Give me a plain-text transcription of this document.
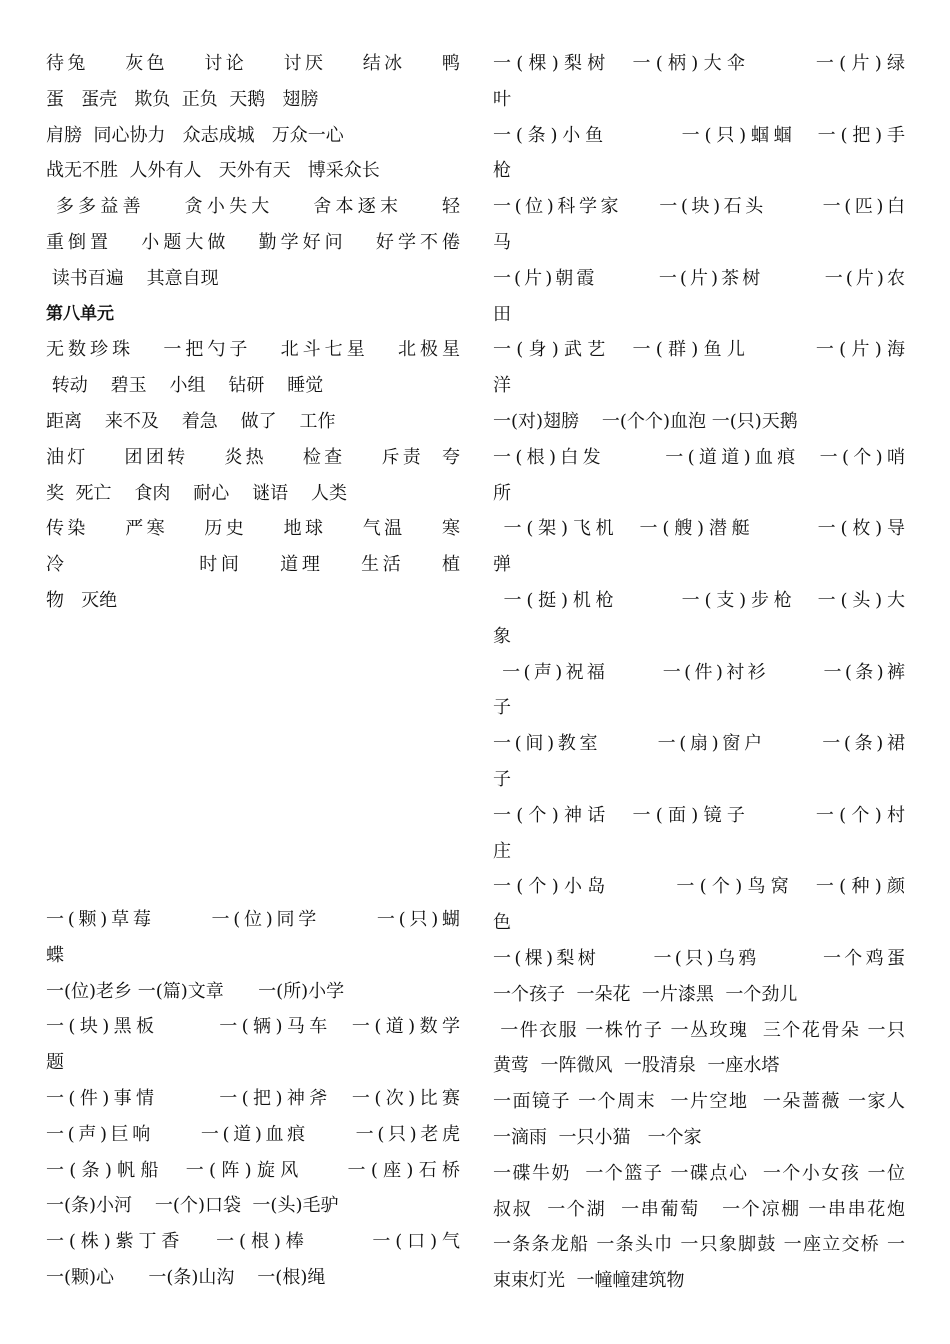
待兔    灰色    讨论    讨厌    结冰    鸭
蛋   蛋壳   欺负  正负  天鹅   翅膀
肩膀  同心协力   众志成城   万众一心
战无不胜  人外有人   天外有天   博采众长
多多益善    贪小失大    舍本逐末    轻
重倒置   小题大做   勤学好问   好学不倦
读书百遍    其意自现
第八单元
无数珍珠   一把勺子   北斗七星   北极星
转动    碧玉    小组    钻研    睡觉
距离    来不及    着急    做了    工作
油灯    团团转    炎热    检查    斥责  夸
奖  死亡    食肉    耐心    谜语    人类
传染    严寒    历史    地球    气温    寒
冷              时间    道理    生活    植
物   灭绝
一(颗)草莓      一(位)同学      一(只)蝴
蝶
一(位)老乡 一(篇)文章      一(所)小学
一(块)黑板      一(辆)马车  一(道)数学
题
一(件)事情      一(把)神斧  一(次)比赛
一(声)巨响     一(道)血痕     一(只)老虎
一(条)帆船  一(阵)旋风    一(座)石桥
一(条)小河    一(个)口袋  一(头)毛驴
一(株)紫丁香   一(根)棒      一(口)气
一(颗)心      一(条)山沟    一(根)绳
一(棵)梨树  一(柄)大伞      一(片)绿
叶
一(条)小鱼       一(只)蝈蝈  一(把)手
枪
一(位)科学家    一(块)石头      一(匹)白
马
一(片)朝霞       一(片)茶树       一(片)农
田
一(身)武艺  一(群)鱼儿      一(片)海
洋
一(对)翅膀    一(个个)血泡 一(只)天鹅
一(根)白发      一(道道)血痕  一(个)哨
所
一(架)飞机  一(艘)潜艇      一(枚)导
弹
一(挺)机枪      一(支)步枪  一(头)大
象
一(声)祝福      一(件)衬衫      一(条)裤
子
一(间)教室      一(扇)窗户      一(条)裙
子
一(个)神话  一(面)镜子      一(个)村
庄
一(个)小岛      一(个)鸟窝  一(种)颜
色
一(棵)梨树      一(只)乌鸦       一个鸡蛋
一个孩子  一朵花  一片漆黑  一个劲儿
一件衣服 一株竹子 一丛玫瑰  三个花骨朵 一只
黄莺  一阵微风  一股清泉  一座水塔
一面镜子 一个周末  一片空地  一朵蔷薇 一家人
一滴雨  一只小猫   一个家
一碟牛奶  一个篮子 一碟点心  一个小女孩 一位
叔叔  一个湖  一串葡萄   一个凉棚 一串串花炮
一条条龙船 一条头巾 一只象脚鼓 一座立交桥 一
束束灯光  一幢幢建筑物
